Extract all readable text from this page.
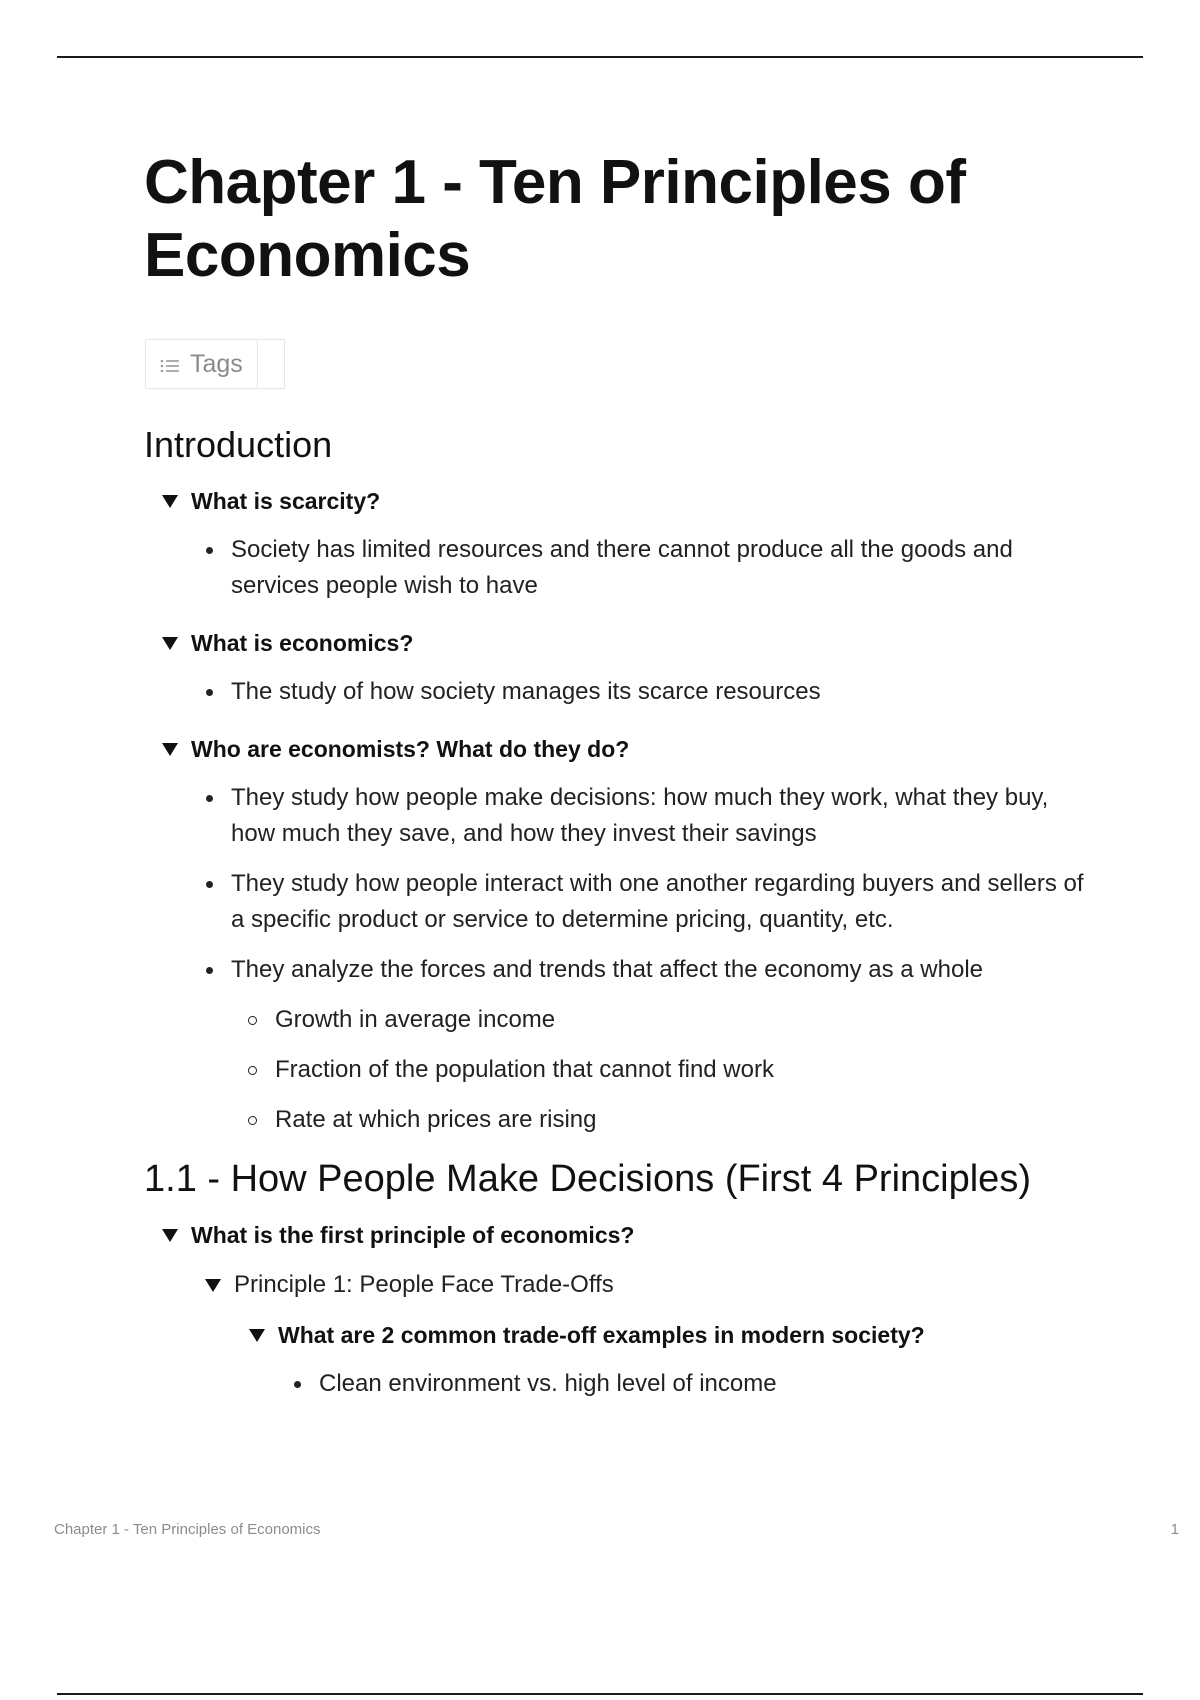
Chapter 1 - Ten Principles of Economics
Tags
Introduction
What is scarcity?
Society has limited resources and there cannot produce all the goods and services people wish to have
What is economics?
The study of how society manages its scarce resources
Who are economists? What do they do?
They study how people make decisions: how much they work, what they buy, how much they save, and how they invest their savings
They study how people interact with one another regarding buyers and sellers of a specific product or service to determine pricing, quantity, etc.
They analyze the forces and trends that affect the economy as a whole
Growth in average income
Fraction of the population that cannot find work
Rate at which prices are rising
1.1 - How People Make Decisions (First 4 Principles)
What is the first principle of economics?
Principle 1: People Face Trade-Offs
What are 2 common trade-off examples in modern society?
Clean environment vs. high level of income
Chapter 1 - Ten Principles of Economics	1
